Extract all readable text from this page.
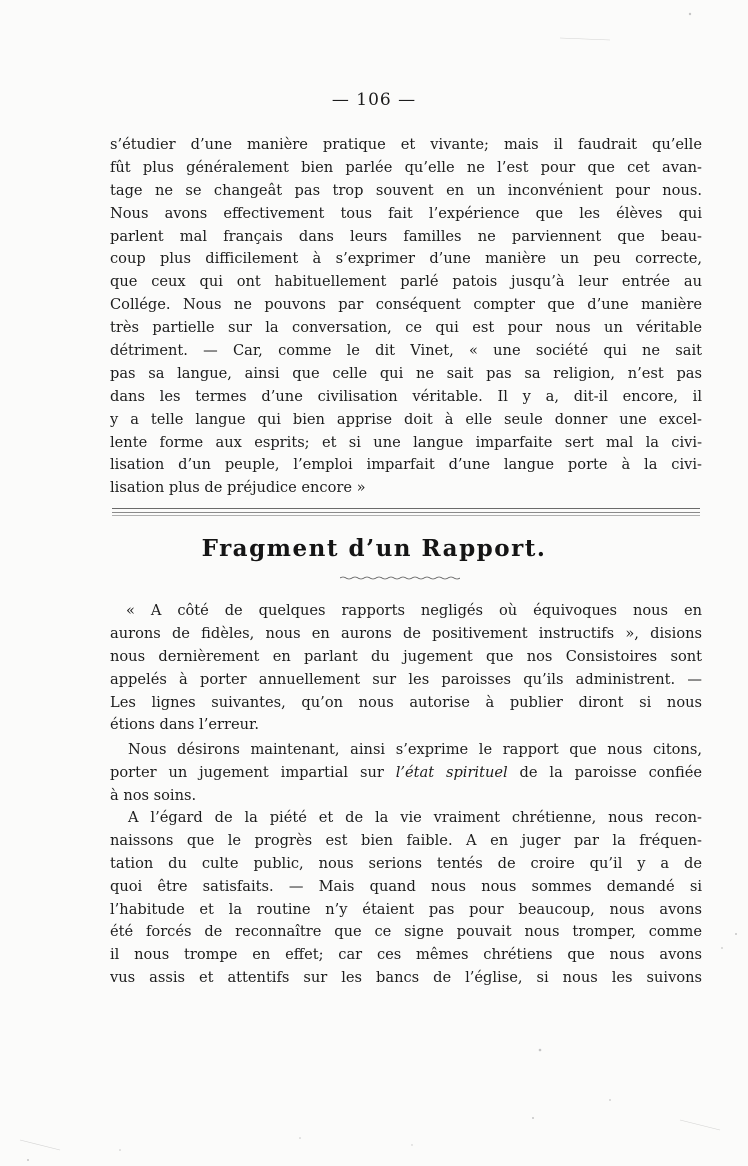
— 106 —
s’étudier d’une manière pratique et vivante; mais il faudrait qu’elle
fût plus généralement bien parlée qu’elle ne l’est pour que cet avan-
tage ne se changeât pas trop souvent en un inconvénient pour nous.
Nous avons effectivement tous fait l’expérience que les élèves qui
parlent mal français dans leurs familles ne parviennent que beau-
coup plus difficilement à s’exprimer d’une manière un peu correcte,
que ceux qui ont habituellement parlé patois jusqu’à leur entrée au
Collége. Nous ne pouvons par conséquent compter que d’une manière
très partielle sur la conversation, ce qui est pour nous un véritable
détriment. — Car, comme le dit Vinet, « une société qui ne sait
pas sa langue, ainsi que celle qui ne sait pas sa religion, n’est pas
dans les termes d’une civilisation véritable. Il y a, dit-il encore, il
y a telle langue qui bien apprise doit à elle seule donner une excel-
lente forme aux esprits; et si une langue imparfaite sert mal la civi-
lisation d’un peuple, l’emploi imparfait d’une langue porte à la civi-
lisation plus de préjudice encore »
Fragment d’un Rapport.
« A côté de quelques rapports negligés où équivoques nous en
aurons de fidèles, nous en aurons de positivement instructifs », disions
nous dernièrement en parlant du jugement que nos Consistoires sont
appelés à porter annuellement sur les paroisses qu’ils administrent. —
Les lignes suivantes, qu’on nous autorise à publier diront si nous
étions dans l’erreur.
Nous désirons maintenant, ainsi s’exprime le rapport que nous citons,
porter un jugement impartial sur l’état spirituel de la paroisse confiée
à nos soins.
A l’égard de la piété et de la vie vraiment chrétienne, nous recon-
naissons que le progrès est bien faible. A en juger par la fréquen-
tation du culte public, nous serions tentés de croire qu’il y a de
quoi être satisfaits. — Mais quand nous nous sommes demandé si
l’habitude et la routine n’y étaient pas pour beaucoup, nous avons
été forcés de reconnaître que ce signe pouvait nous tromper, comme
il nous trompe en effet; car ces mêmes chrétiens que nous avons
vus assis et attentifs sur les bancs de l’église, si nous les suivons
